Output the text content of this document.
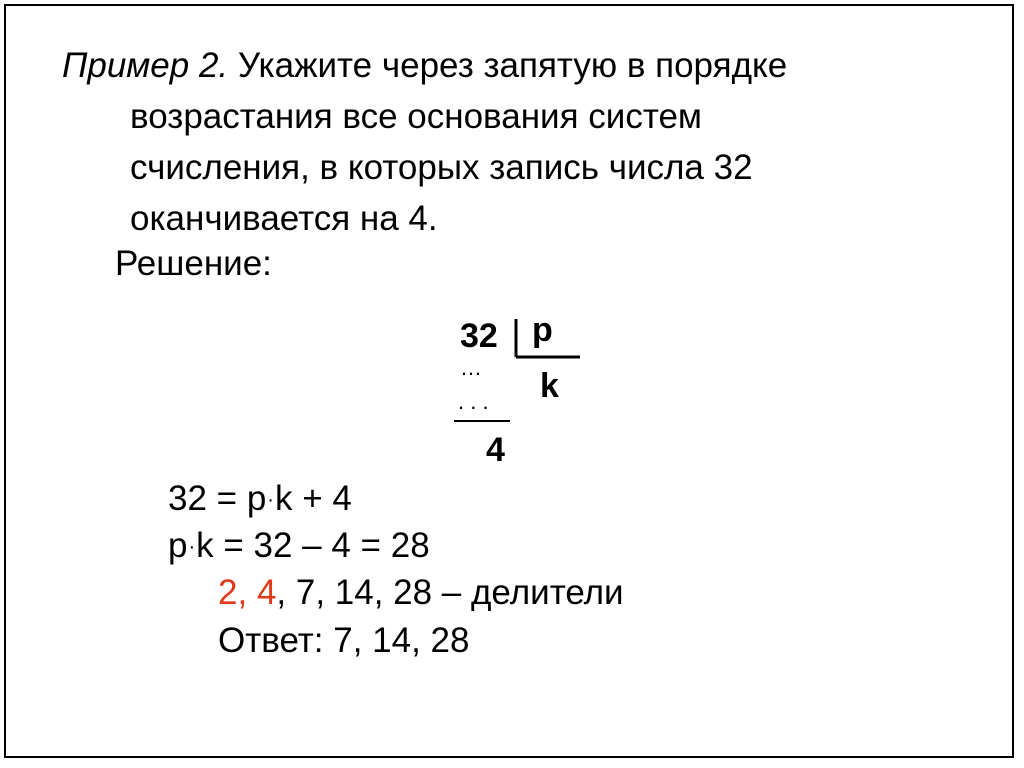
Пример 2. Укажите через запятую в порядке
возрастания все основания систем
счисления, в которых запись числа 32
оканчивается на 4.
Решение:
32 p
k
…
. . .
4
32 = p·k + 4
p·k = 32 – 4 = 28
2, 4, 7, 14, 28 – делители
Ответ: 7, 14, 28
